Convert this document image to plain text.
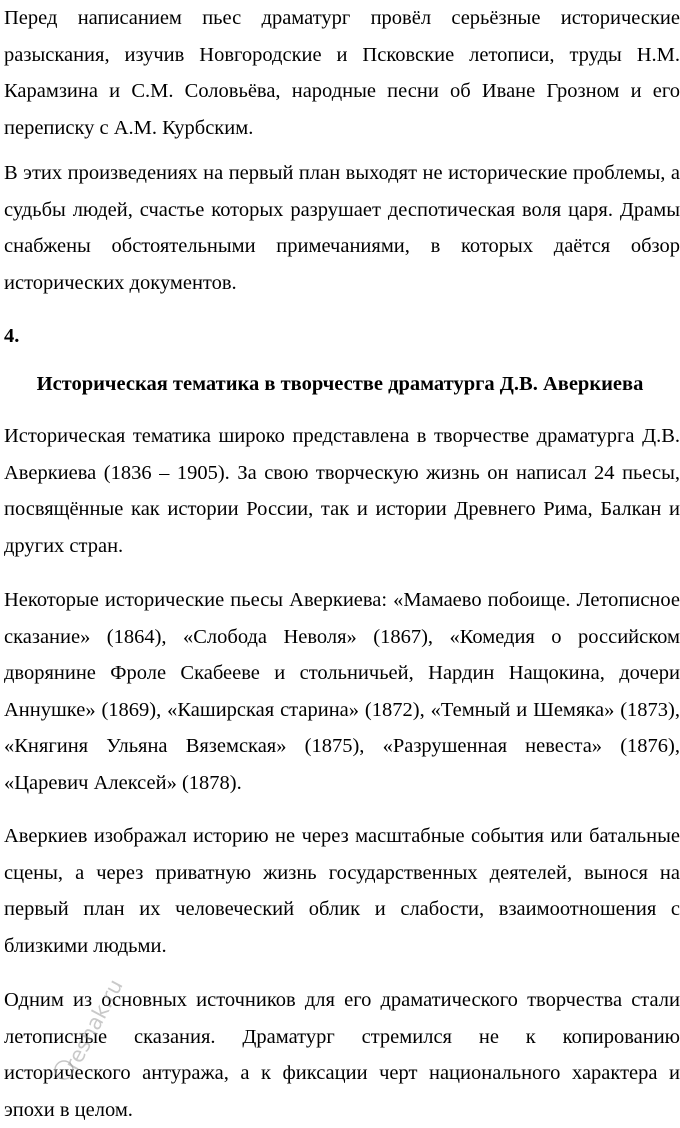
Перед написанием пьес драматург провёл серьёзные исторические разыскания, изучив Новгородские и Псковские летописи, труды Н.М. Карамзина и С.М. Соловьёва, народные песни об Иване Грозном и его переписку с А.М. Курбским.

В этих произведениях на первый план выходят не исторические проблемы, а судьбы людей, счастье которых разрушает деспотическая воля царя. Драмы снабжены обстоятельными примечаниями, в которых даётся обзор исторических документов.

4.

Историческая тематика в творчестве драматурга Д.В. Аверкиева

Историческая тематика широко представлена в творчестве драматурга Д.В. Аверкиева (1836 – 1905). За свою творческую жизнь он написал 24 пьесы, посвящённые как истории России, так и истории Древнего Рима, Балкан и других стран.

Некоторые исторические пьесы Аверкиева: «Мамаево побоище. Летописное сказание» (1864), «Слобода Неволя» (1867), «Комедия о российском дворянине Фроле Скабееве и стольничьей, Нардин Нащокина, дочери Аннушке» (1869), «Каширская старина» (1872), «Темный и Шемяка» (1873), «Княгиня Ульяна Вяземская» (1875), «Разрушенная невеста» (1876), «Царевич Алексей» (1878).

Аверкиев изображал историю не через масштабные события или батальные сцены, а через приватную жизнь государственных деятелей, вынося на первый план их человеческий облик и слабости, взаимоотношения с близкими людьми.

Одним из основных источников для его драматического творчества стали летописные сказания. Драматург стремился не к копированию исторического антуража, а к фиксации черт национального характера и эпохи в целом.

reshak.ru
